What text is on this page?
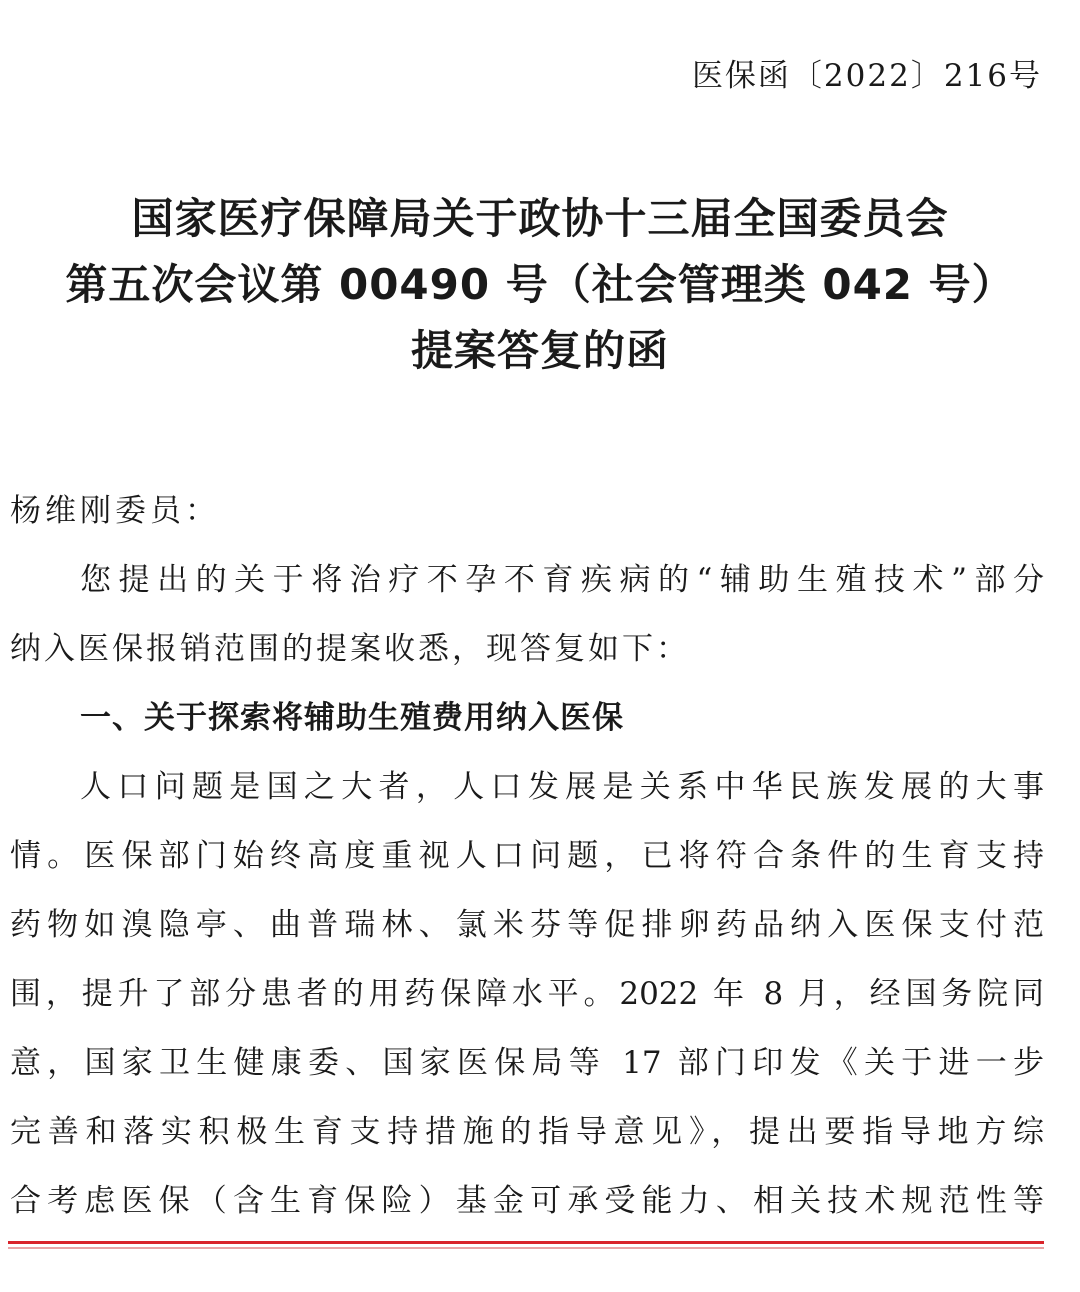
医保函〔2022〕216号
国家医疗保障局关于政协十三届全国委员会
第五次会议第 00490 号（社会管理类 042 号）
提案答复的函
杨维刚委员：
您提出的关于将治疗不孕不育疾病的“辅助生殖技术”部分
纳入医保报销范围的提案收悉，现答复如下：
一、关于探索将辅助生殖费用纳入医保
人口问题是国之大者，人口发展是关系中华民族发展的大事
情。医保部门始终高度重视人口问题，已将符合条件的生育支持
药物如溴隐亭、曲普瑞林、氯米芬等促排卵药品纳入医保支付范
围，提升了部分患者的用药保障水平。2022 年 8 月，经国务院同
意，国家卫生健康委、国家医保局等 17 部门印发《关于进一步
完善和落实积极生育支持措施的指导意见》，提出要指导地方综
合考虑医保（含生育保险）基金可承受能力、相关技术规范性等
